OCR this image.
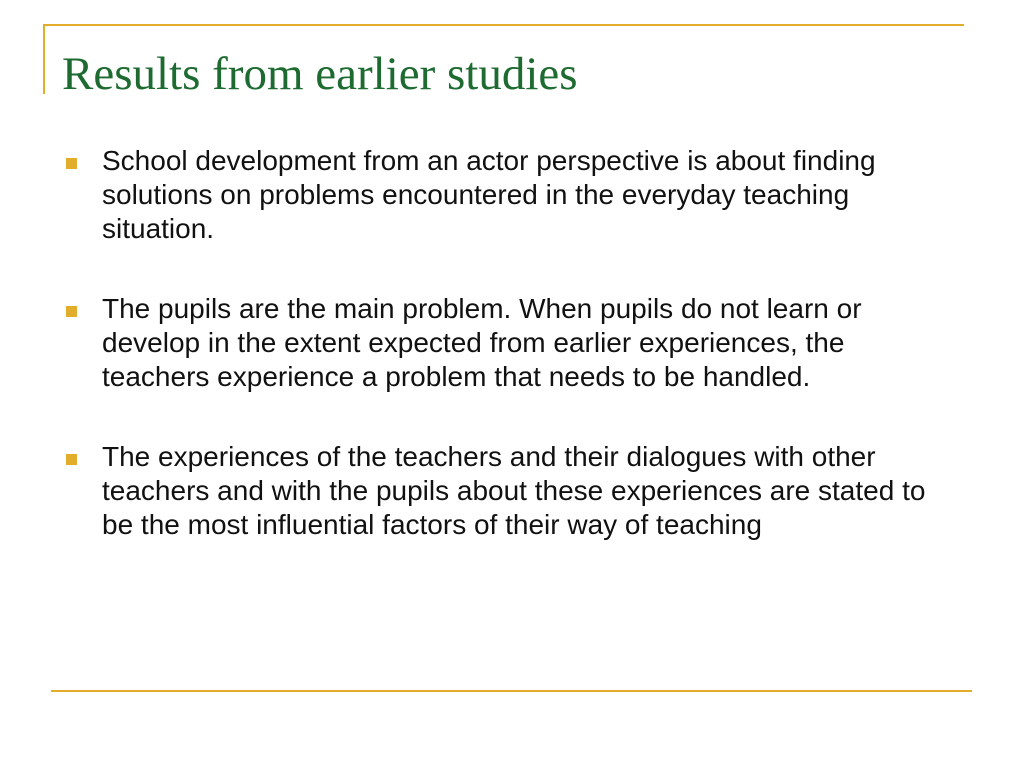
Results from earlier studies
School development from an actor perspective is about finding solutions on problems encountered in the everyday teaching situation.
The pupils are the main problem. When pupils do not learn or develop in the extent expected from earlier experiences, the teachers experience a problem that needs to be handled.
The experiences of the teachers and their dialogues with other teachers and with the pupils about these experiences are stated to be the most influential factors of their way of teaching
